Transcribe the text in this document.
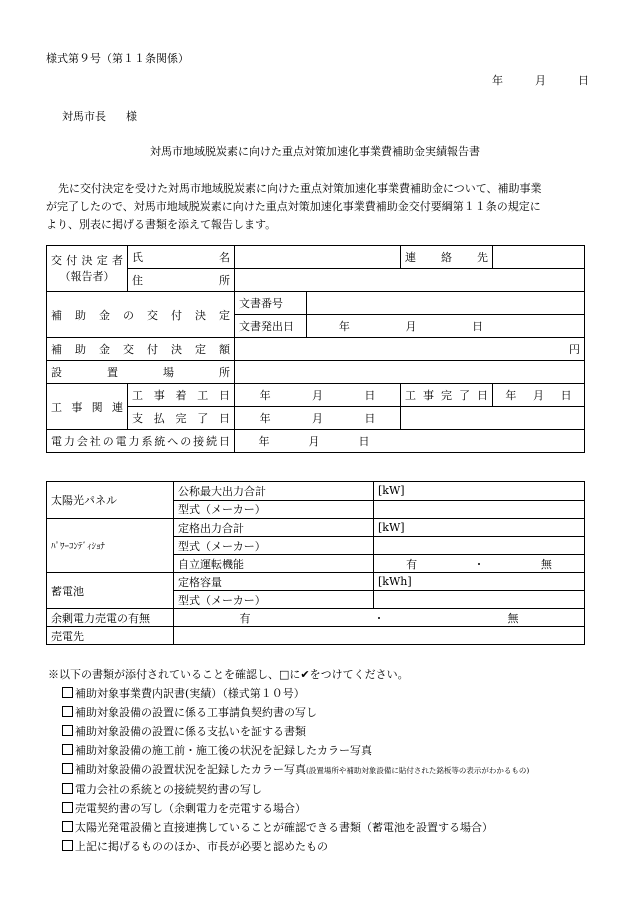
様式第９号（第１１条関係）
年	月	日
対馬市長 様
対馬市地域脱炭素に向けた重点対策加速化事業費補助金実績報告書
先に交付決定を受けた対馬市地域脱炭素に向けた重点対策加速化事業費補助金について、補助事業
が完了したので、対馬市地域脱炭素に向けた重点対策加速化事業費補助金交付要綱第１１条の規定に
より、別表に掲げる書類を添えて報告します。
交付決定者
（報告者）	氏　　　　　名			連絡先	
	住　　　　　所				
補助金の交付決定		文書番号			
		文書発出日	年 月 日		

補助金交付決定額		円			
設置場所					
工事関連	工事着工日	年 月 日		工事完了日	年 月 日

	支払完了日	年 月 日			

電力会社の電力系統への接続日		年 月 日			
太陽光パネル	公称最大出力合計	[kW]
	型式（メーカー）	
ﾊﾟﾜｰｺﾝﾃﾞｨｼｮﾅ	定格出力合計	[kW]
	型式（メーカー）	
	自立運転機能	有 ・ 無

蓄電池	定格容量	[kWh]
	型式（メーカー）	
余剰電力売電の有無	有 ・ 無	

売電先		
※以下の書類が添付されていることを確認し、□に✔をつけてください。
補助対象事業費内訳書(実績）（様式第１０号）
補助対象設備の設置に係る工事請負契約書の写し
補助対象設備の設置に係る支払いを証する書類
補助対象設備の施工前・施工後の状況を記録したカラー写真
補助対象設備の設置状況を記録したカラー写真(設置場所や補助対象設備に貼付された銘板等の表示がわかるもの)
電力会社の系統との接続契約書の写し
売電契約書の写し（余剰電力を売電する場合）
太陽光発電設備と直接連携していることが確認できる書類（蓄電池を設置する場合）
上記に掲げるもののほか、市長が必要と認めたもの
